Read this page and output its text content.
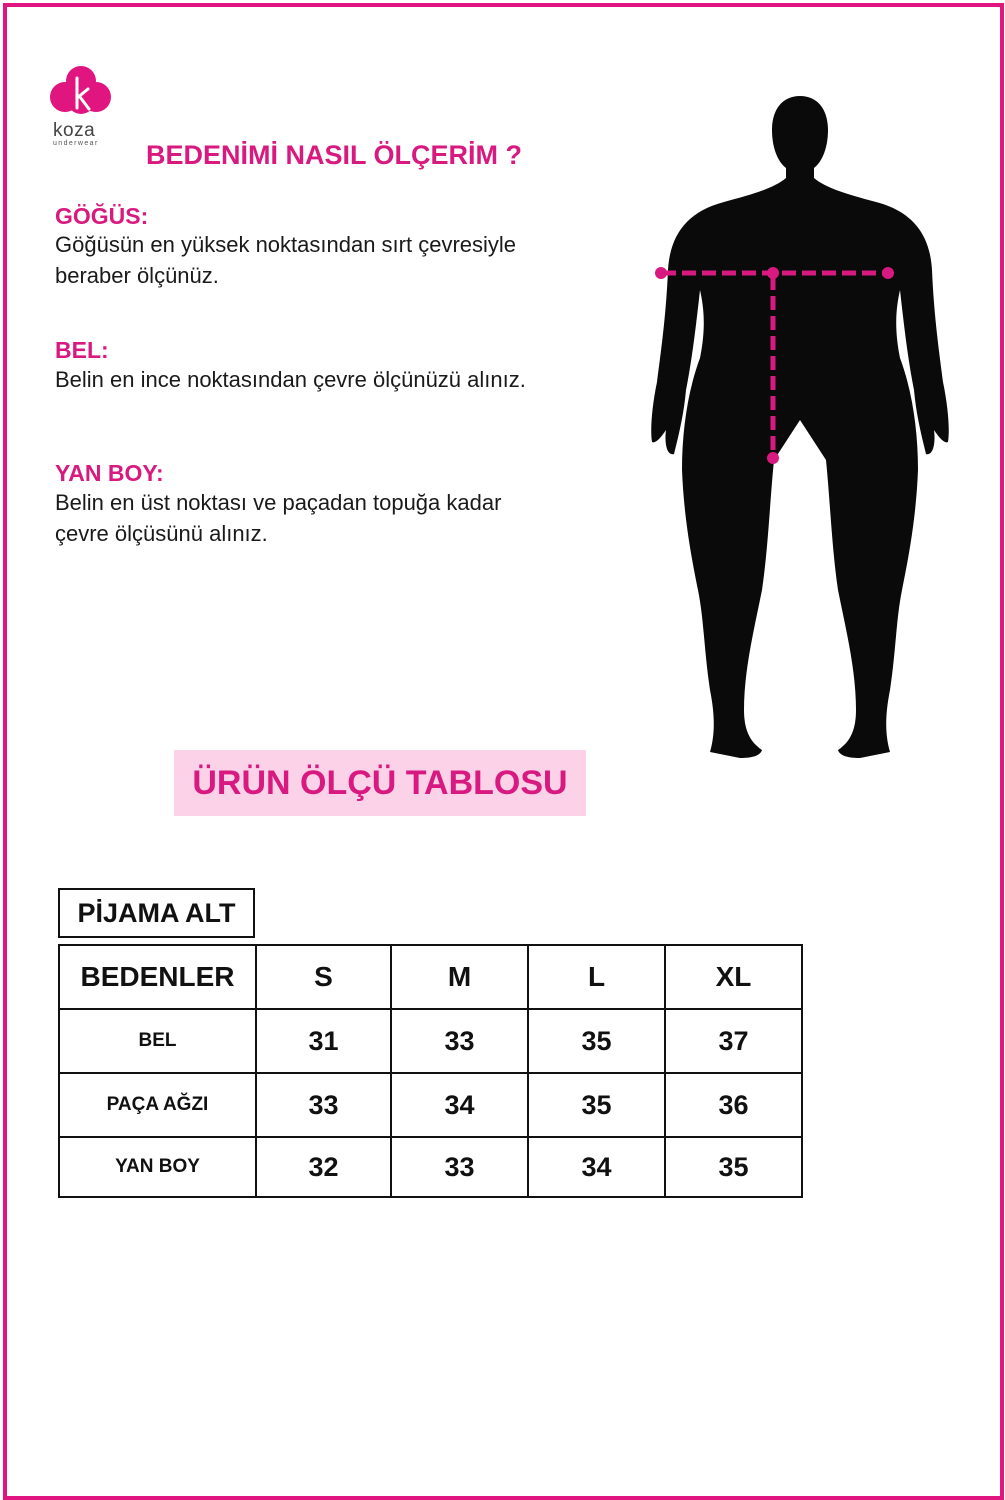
koza
underwear BEDENİMİ NASIL ÖLÇERİM ?
GÖĞÜS:
Göğüsün en yüksek noktasından sırt çevresiyle
beraber ölçünüz.
BEL:
Belin en ince noktasından çevre ölçünüzü alınız.
YAN BOY:
Belin en üst noktası ve paçadan topuğa kadar
çevre ölçüsünü alınız.
ÜRÜN ÖLÇÜ TABLOSU
PİJAMA ALT
BEDENLER	S	M	L	XL
BEL	31	33	35	37
PAÇA AĞZI	33	34	35	36
YAN BOY	32	33	34	35
